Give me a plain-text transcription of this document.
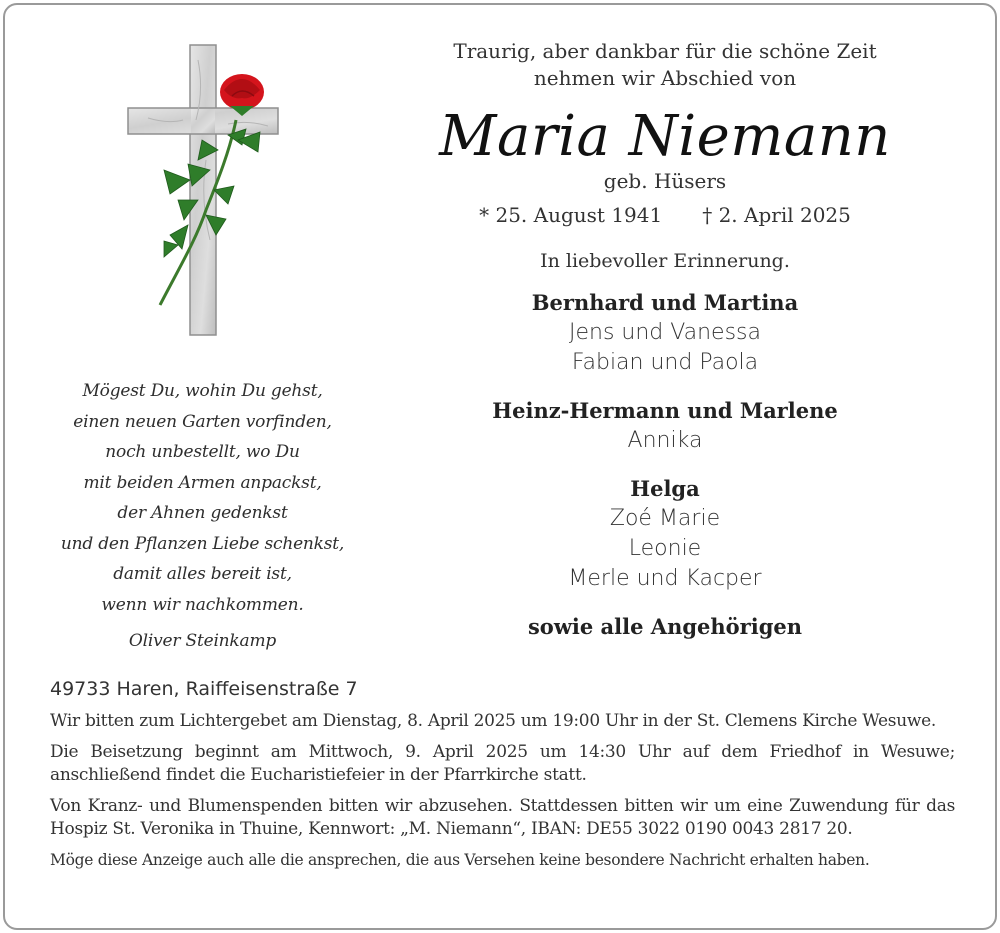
Mögest Du, wohin Du gehst,
einen neuen Garten vorfinden,
noch unbestellt, wo Du
mit beiden Armen anpackst,
der Ahnen gedenkst
und den Pflanzen Liebe schenkst,
damit alles bereit ist,
wenn wir nachkommen.
Oliver Steinkamp
Traurig, aber dankbar für die schöne Zeit
nehmen wir Abschied von
Maria Niemann
geb. Hüsers
* 25. August 1941 † 2. April 2025
In liebevoller Erinnerung.
Bernhard und Martina
Jens und Vanessa
Fabian und Paola
Heinz-Hermann und Marlene
Annika
Helga
Zoé Marie
Leonie
Merle und Kacper
sowie alle Angehörigen
49733 Haren, Raiffeisenstraße 7
Wir bitten zum Lichtergebet am Dienstag, 8. April 2025 um 19:00 Uhr in der St. Clemens Kirche Wesuwe.
Die Beisetzung beginnt am Mittwoch, 9. April 2025 um 14:30 Uhr auf dem Friedhof in Wesuwe; anschließend findet die Eucharistiefeier in der Pfarrkirche statt.
Von Kranz- und Blumenspenden bitten wir abzusehen. Stattdessen bitten wir um eine Zuwendung für das Hospiz St. Veronika in Thuine, Kennwort: „M. Niemann“, IBAN: DE55 3022 0190 0043 2817 20.
Möge diese Anzeige auch alle die ansprechen, die aus Versehen keine besondere Nachricht erhalten haben.
